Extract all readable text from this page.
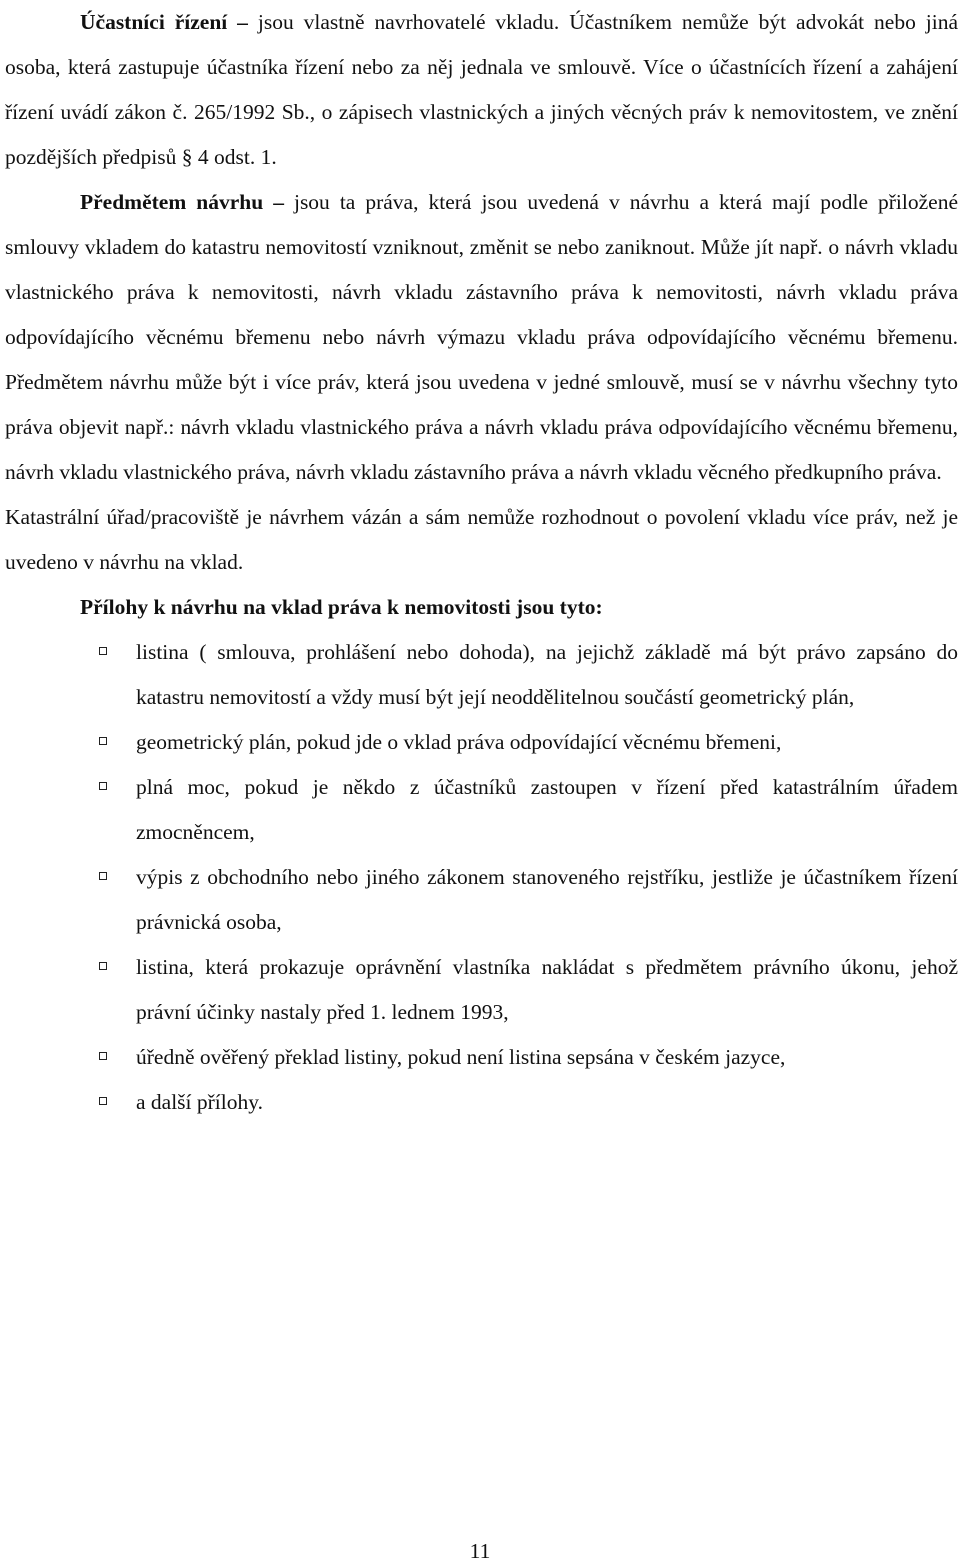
Účastníci řízení – jsou vlastně navrhovatelé vkladu. Účastníkem nemůže být advokát nebo jiná osoba, která zastupuje účastníka řízení nebo za něj jednala ve smlouvě. Více o účastnících řízení a zahájení řízení uvádí zákon č. 265/1992 Sb., o zápisech vlastnických a jiných věcných práv k nemovitostem, ve znění pozdějších předpisů § 4 odst. 1.

Předmětem návrhu – jsou ta práva, která jsou uvedená v návrhu a která mají podle přiložené smlouvy vkladem do katastru nemovitostí vzniknout, změnit se nebo zaniknout. Může jít např. o návrh vkladu vlastnického práva k nemovitosti, návrh vkladu zástavního práva k nemovitosti, návrh vkladu práva odpovídajícího věcnému břemenu nebo návrh výmazu vkladu práva odpovídajícího věcnému břemenu. Předmětem návrhu může být i více práv, která jsou uvedena v jedné smlouvě, musí se v návrhu všechny tyto práva objevit např.: návrh vkladu vlastnického práva a návrh vkladu práva odpovídajícího věcnému břemenu, návrh vkladu vlastnického práva, návrh vkladu zástavního práva a návrh vkladu věcného předkupního práva.

Katastrální úřad/pracoviště je návrhem vázán a sám nemůže rozhodnout o povolení vkladu více práv, než je uvedeno v návrhu na vklad.

Přílohy k návrhu na vklad práva k nemovitosti jsou tyto:
listina ( smlouva, prohlášení nebo dohoda), na jejichž základě má být právo zapsáno do katastru nemovitostí a vždy musí být její neoddělitelnou součástí geometrický plán,
geometrický plán, pokud jde o vklad práva odpovídající věcnému břemeni,
plná moc, pokud je někdo z účastníků zastoupen v řízení před katastrálním úřadem zmocněncem,
výpis z obchodního nebo jiného zákonem stanoveného rejstříku, jestliže je účastníkem řízení právnická osoba,
listina, která prokazuje oprávnění vlastníka nakládat s předmětem právního úkonu, jehož právní účinky nastaly před 1. lednem 1993,
úředně ověřený překlad listiny, pokud není listina sepsána v českém jazyce,
a další přílohy.
11
